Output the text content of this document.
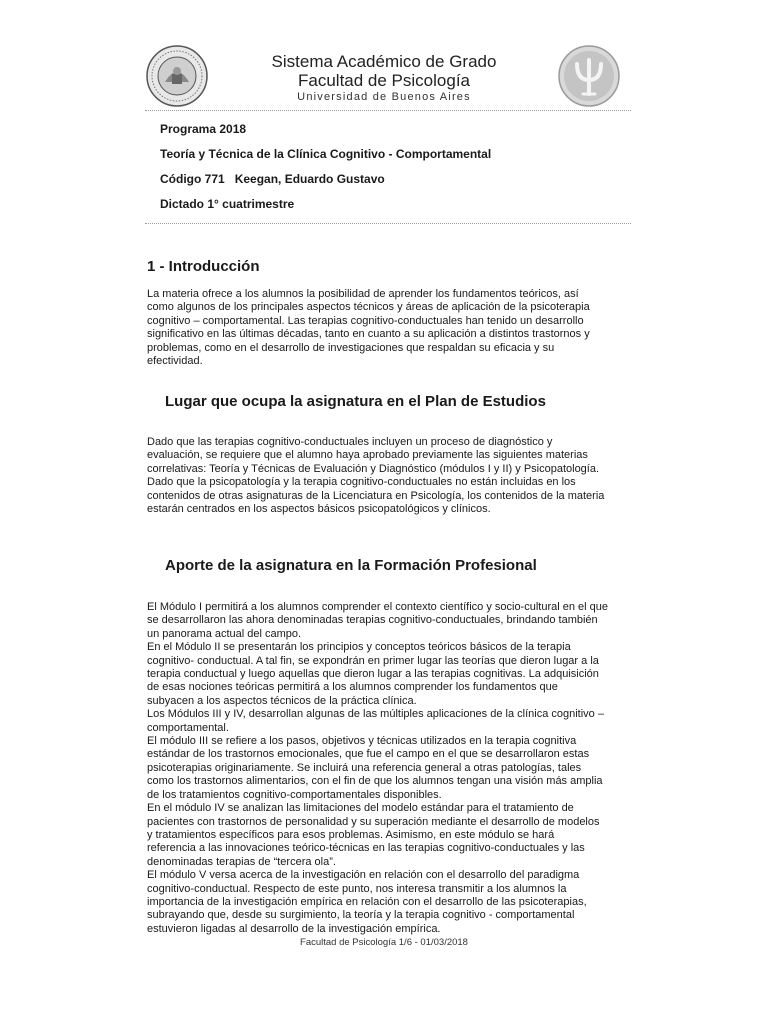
Sistema Académico de Grado
Facultad de Psicología
Universidad de Buenos Aires
Programa 2018
Teoría y Técnica de la Clínica Cognitivo - Comportamental
Código 771 Keegan, Eduardo Gustavo
Dictado 1° cuatrimestre
1 - Introducción

La materia ofrece a los alumnos la posibilidad de aprender los fundamentos teóricos, así
como algunos de los principales aspectos técnicos y áreas de aplicación de la psicoterapia
cognitivo – comportamental. Las terapias cognitivo-conductuales han tenido un desarrollo
significativo en las últimas décadas, tanto en cuanto a su aplicación a distintos trastornos y
problemas, como en el desarrollo de investigaciones que respaldan su eficacia y su
efectividad.

Lugar que ocupa la asignatura en el Plan de Estudios

Dado que las terapias cognitivo-conductuales incluyen un proceso de diagnóstico y
evaluación, se requiere que el alumno haya aprobado previamente las siguientes materias
correlativas: Teoría y Técnicas de Evaluación y Diagnóstico (módulos I y II) y Psicopatología.
Dado que la psicopatología y la terapia cognitivo-conductuales no están incluidas en los
contenidos de otras asignaturas de la Licenciatura en Psicología, los contenidos de la materia
estarán centrados en los aspectos básicos psicopatológicos y clínicos.

Aporte de la asignatura en la Formación Profesional

El Módulo I permitirá a los alumnos comprender el contexto científico y socio-cultural en el que
se desarrollaron las ahora denominadas terapias cognitivo-conductuales, brindando también
un panorama actual del campo.
En el Módulo II se presentarán los principios y conceptos teóricos básicos de la terapia
cognitivo- conductual. A tal fin, se expondrán en primer lugar las teorías que dieron lugar a la
terapia conductual y luego aquellas que dieron lugar a las terapias cognitivas. La adquisición
de esas nociones teóricas permitirá a los alumnos comprender los fundamentos que
subyacen a los aspectos técnicos de la práctica clínica.
Los Módulos III y IV, desarrollan algunas de las múltiples aplicaciones de la clínica cognitivo –
comportamental.
El módulo III se refiere a los pasos, objetivos y técnicas utilizados en la terapia cognitiva
estándar de los trastornos emocionales, que fue el campo en el que se desarrollaron estas
psicoterapias originariamente. Se incluirá una referencia general a otras patologías, tales
como los trastornos alimentarios, con el fin de que los alumnos tengan una visión más amplia
de los tratamientos cognitivo-comportamentales disponibles.
En el módulo IV se analizan las limitaciones del modelo estándar para el tratamiento de
pacientes con trastornos de personalidad y su superación mediante el desarrollo de modelos
y tratamientos específicos para esos problemas. Asimismo, en este módulo se hará
referencia a las innovaciones teórico-técnicas en las terapias cognitivo-conductuales y las
denominadas terapias de “tercera ola”.
El módulo V versa acerca de la investigación en relación con el desarrollo del paradigma
cognitivo-conductual. Respecto de este punto, nos interesa transmitir a los alumnos la
importancia de la investigación empírica en relación con el desarrollo de las psicoterapias,
subrayando que, desde su surgimiento, la teoría y la terapia cognitivo - comportamental
estuvieron ligadas al desarrollo de la investigación empírica.

Facultad de Psicología 1/6 - 01/03/2018
